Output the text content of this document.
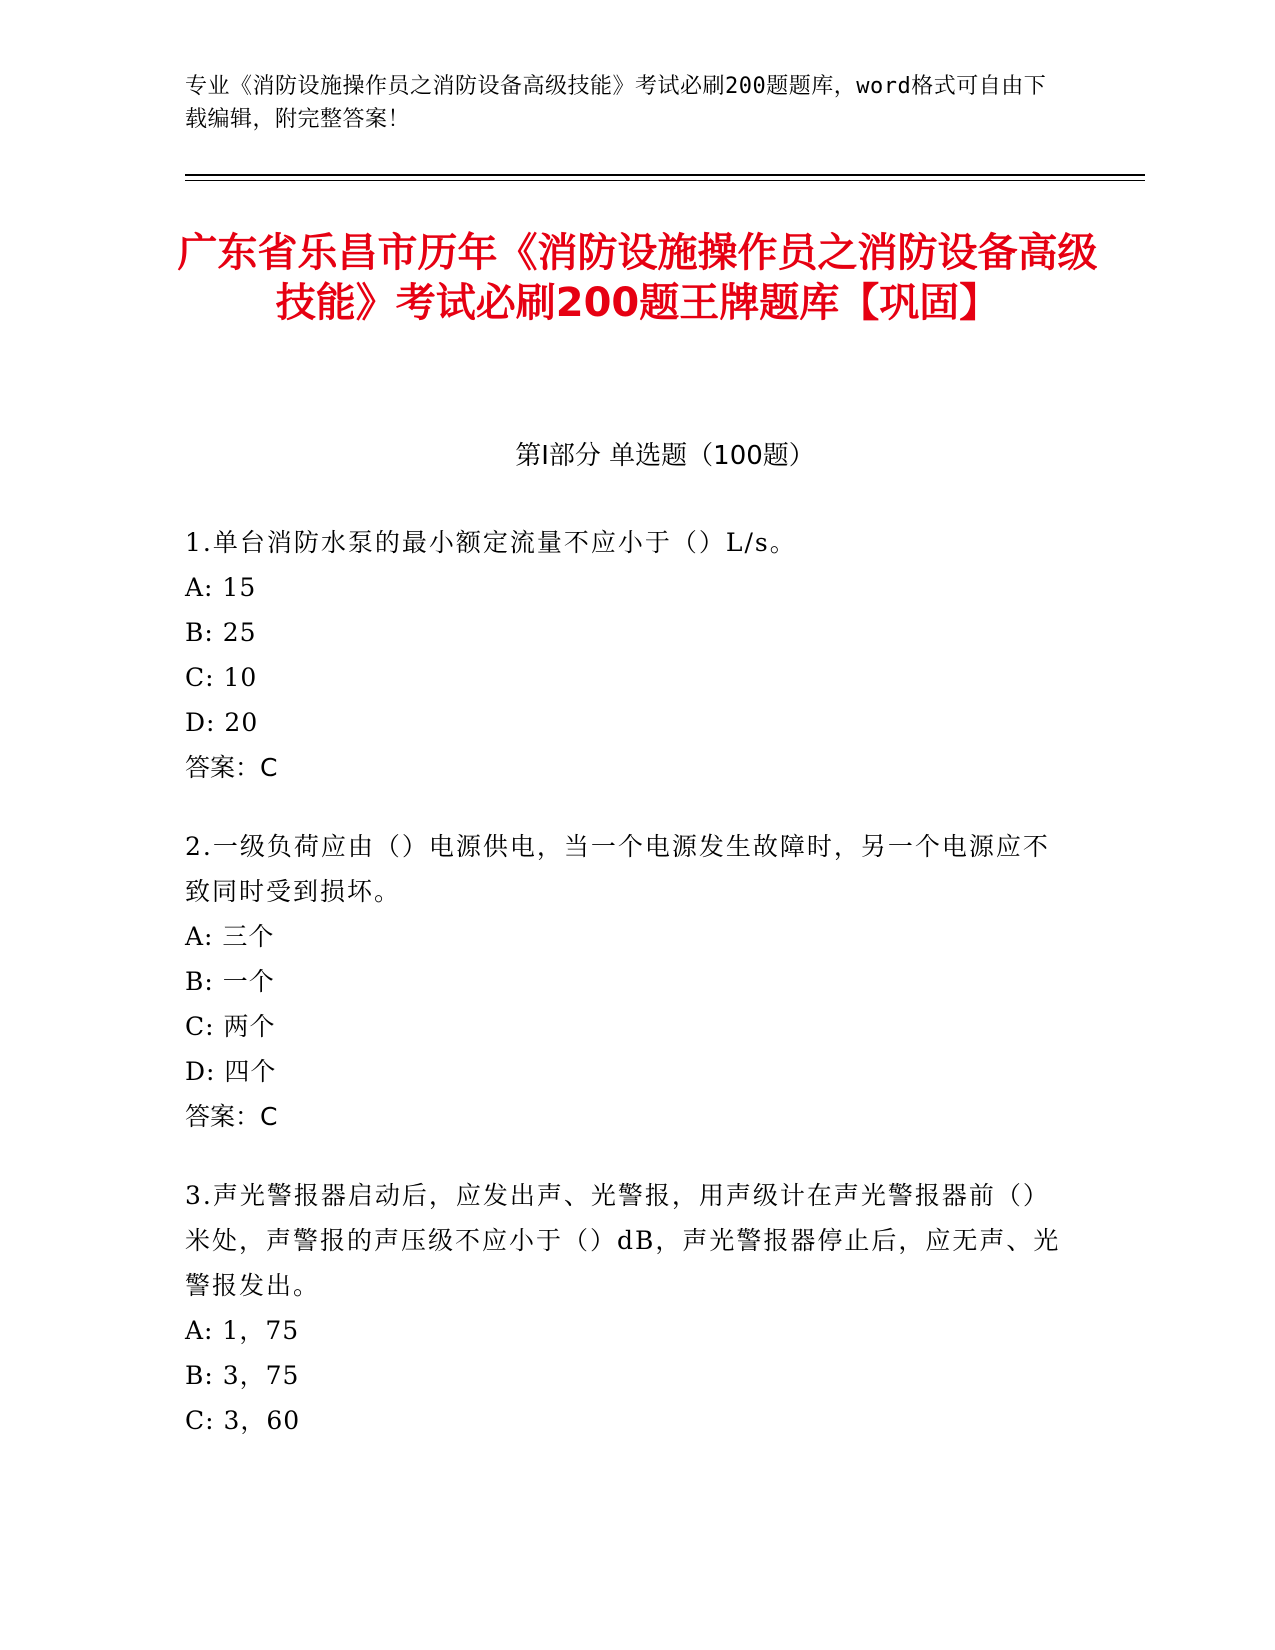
专业《消防设施操作员之消防设备高级技能》考试必刷200题题库，word格式可自由下载编辑，附完整答案！
广东省乐昌市历年《消防设施操作员之消防设备高级技能》考试必刷200题王牌题库【巩固】
第I部分 单选题（100题）
1.单台消防水泵的最小额定流量不应小于（）L/s。
A: 15
B: 25
C: 10
D: 20
答案：C
2.一级负荷应由（）电源供电，当一个电源发生故障时，另一个电源应不致同时受到损坏。
A: 三个
B: 一个
C: 两个
D: 四个
答案：C
3.声光警报器启动后，应发出声、光警报，用声级计在声光警报器前（）米处，声警报的声压级不应小于（）dB，声光警报器停止后，应无声、光警报发出。
A: 1，75
B: 3，75
C: 3，60
